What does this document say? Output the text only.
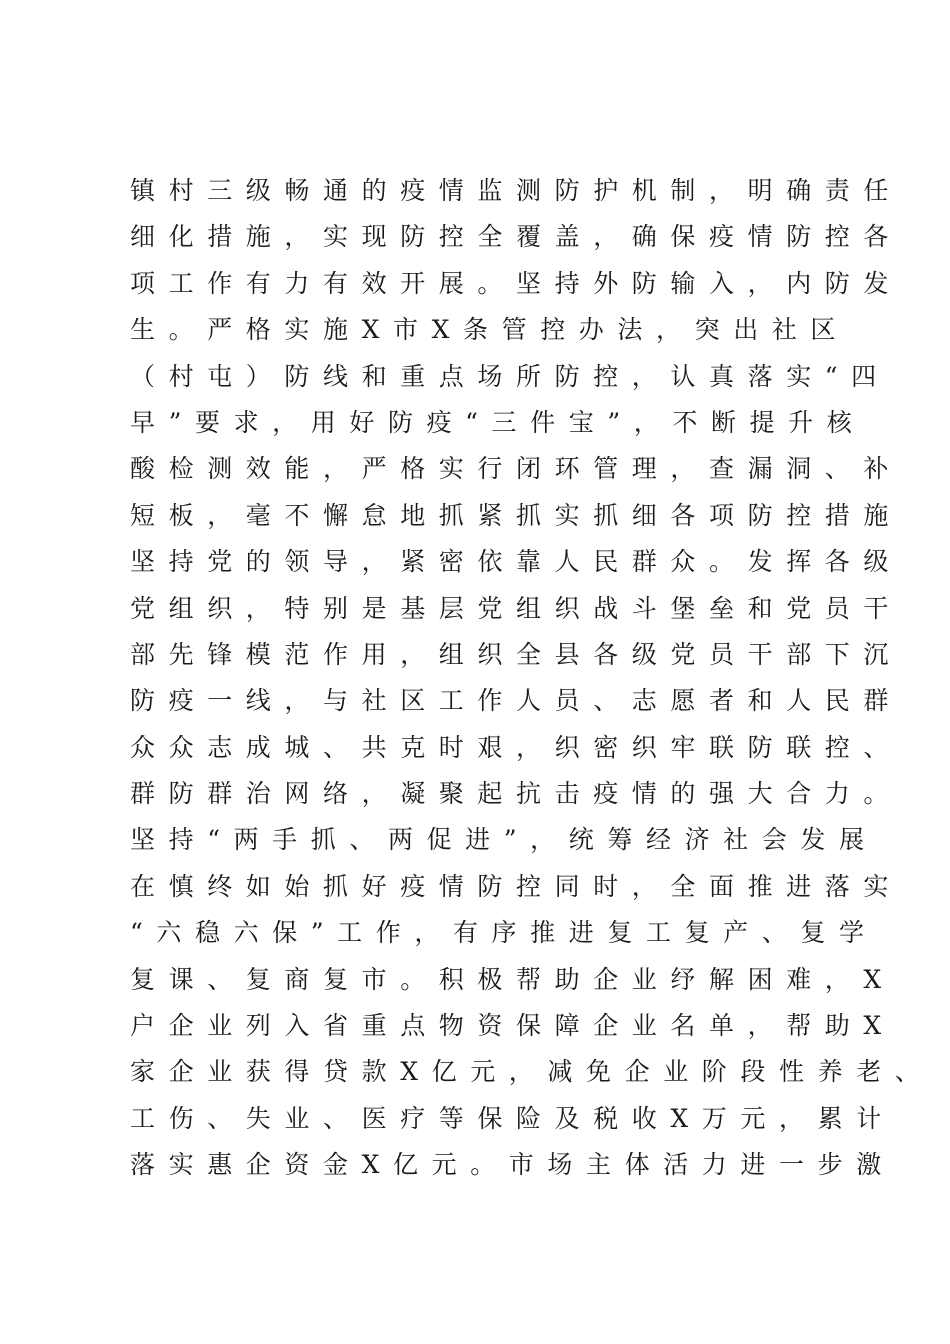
镇村三级畅通的疫情监测防护机制，明确责任
细化措施，实现防控全覆盖，确保疫情防控各
项工作有力有效开展。坚持外防输入，内防发
生。严格实施X市X条管控办法，突出社区
（村屯）防线和重点场所防控，认真落实“四
早”要求，用好防疫“三件宝”，不断提升核
酸检测效能，严格实行闭环管理，查漏洞、补
短板，毫不懈怠地抓紧抓实抓细各项防控措施
坚持党的领导，紧密依靠人民群众。发挥各级
党组织，特别是基层党组织战斗堡垒和党员干
部先锋模范作用，组织全县各级党员干部下沉
防疫一线，与社区工作人员、志愿者和人民群
众众志成城、共克时艰，织密织牢联防联控、
群防群治网络，凝聚起抗击疫情的强大合力。
坚持“两手抓、两促进”，统筹经济社会发展
在慎终如始抓好疫情防控同时，全面推进落实
“六稳六保”工作，有序推进复工复产、复学
复课、复商复市。积极帮助企业纾解困难，X
户企业列入省重点物资保障企业名单，帮助X
家企业获得贷款X亿元，减免企业阶段性养老、
工伤、失业、医疗等保险及税收X万元，累计
落实惠企资金X亿元。市场主体活力进一步激
